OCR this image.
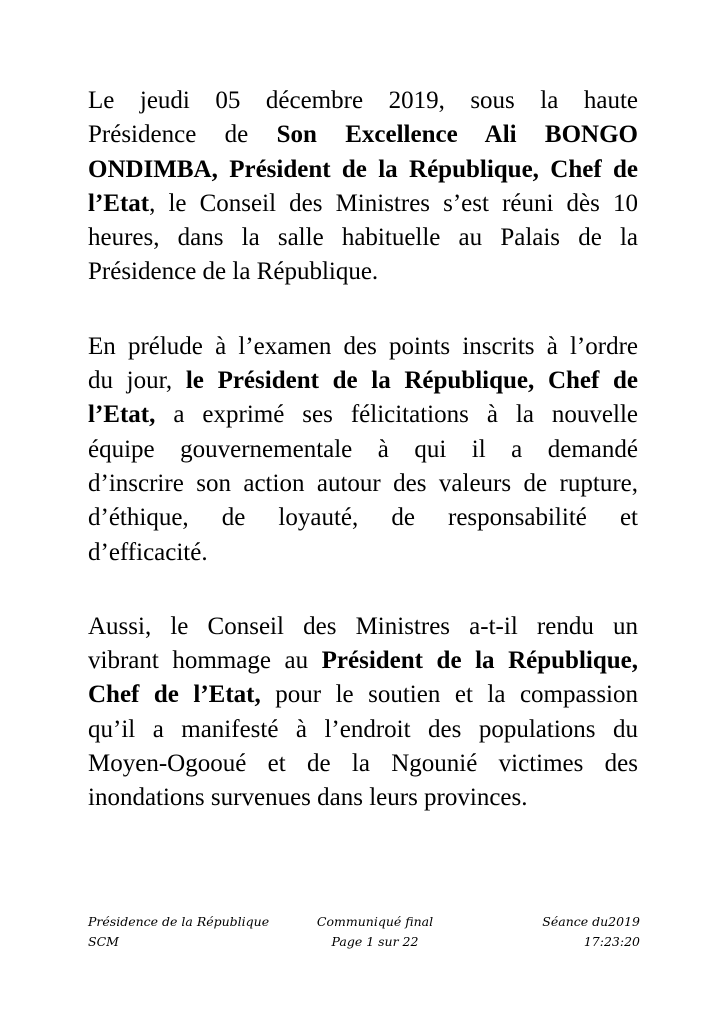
Le jeudi 05 décembre 2019, sous la haute
Présidence de Son Excellence Ali BONGO
ONDIMBA, Président de la République, Chef de
l’Etat, le Conseil des Ministres s’est réuni dès 10
heures, dans la salle habituelle au Palais de la
Présidence de la République.

En prélude à l’examen des points inscrits à l’ordre
du jour, le Président de la République, Chef de
l’Etat, a exprimé ses félicitations à la nouvelle
équipe gouvernementale à qui il a demandé
d’inscrire son action autour des valeurs de rupture,
d’éthique, de loyauté, de responsabilité et
d’efficacité.

Aussi, le Conseil des Ministres a-t-il rendu un
vibrant hommage au Président de la République,
Chef de l’Etat, pour le soutien et la compassion
qu’il a manifesté à l’endroit des populations du
Moyen-Ogooué et de la Ngounié victimes des
inondations survenues dans leurs provinces.

Présidence de la République
SCM
Communiqué final
Page 1 sur 22
Séance du2019
17:23:20
